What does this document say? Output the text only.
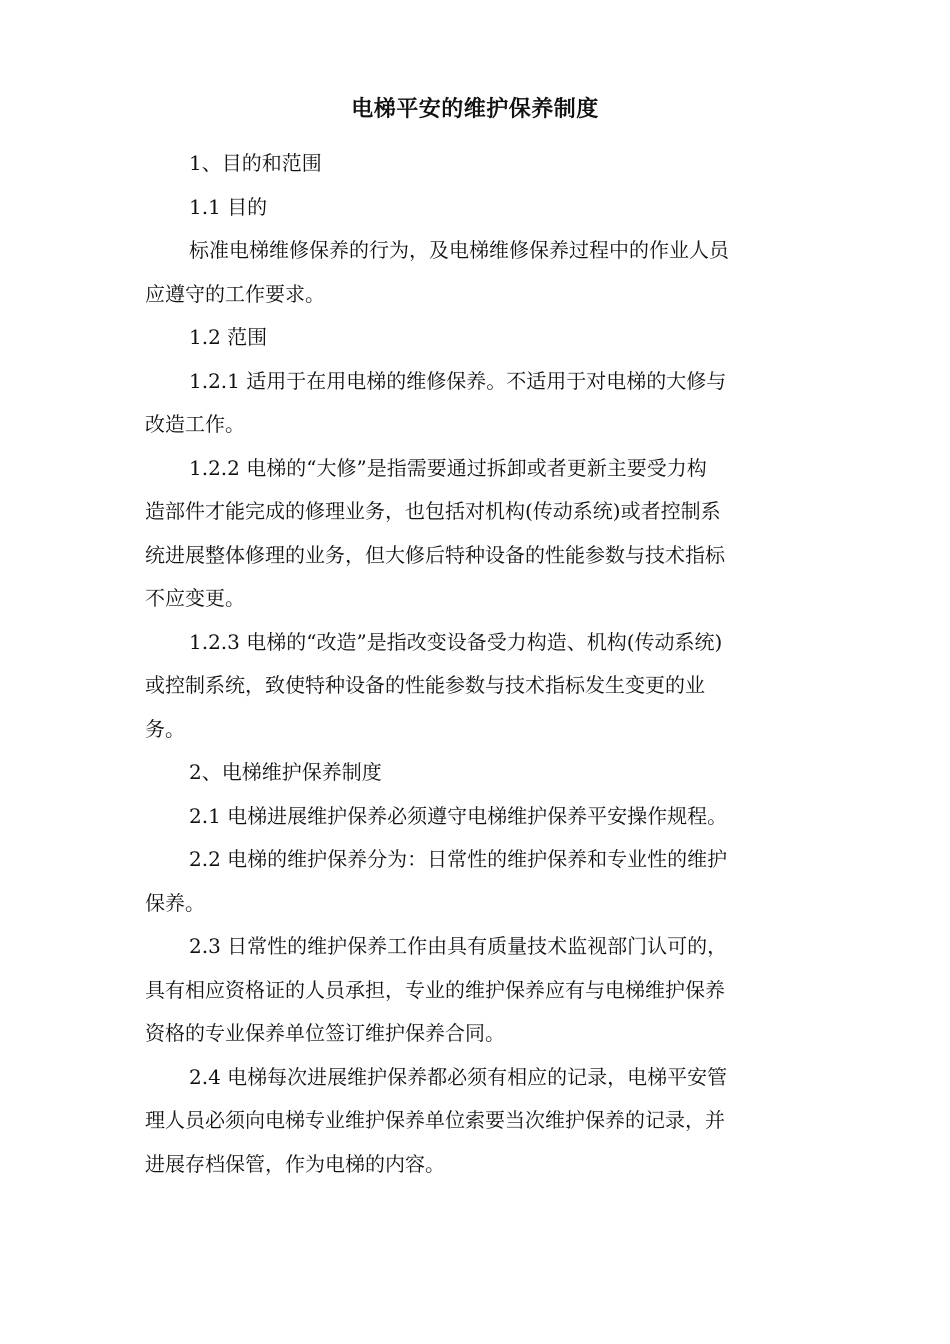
电梯平安的维护保养制度
1、目的和范围
1.1 目的
标准电梯维修保养的行为，及电梯维修保养过程中的作业人员
应遵守的工作要求。
1.2 范围
1.2.1 适用于在用电梯的维修保养。不适用于对电梯的大修与
改造工作。
1.2.2 电梯的“大修”是指需要通过拆卸或者更新主要受力构
造部件才能完成的修理业务，也包括对机构(传动系统)或者控制系
统进展整体修理的业务，但大修后特种设备的性能参数与技术指标
不应变更。
1.2.3 电梯的“改造”是指改变设备受力构造、机构(传动系统)
或控制系统，致使特种设备的性能参数与技术指标发生变更的业
务。
2、电梯维护保养制度
2.1 电梯进展维护保养必须遵守电梯维护保养平安操作规程。
2.2 电梯的维护保养分为：日常性的维护保养和专业性的维护
保养。
2.3 日常性的维护保养工作由具有质量技术监视部门认可的，
具有相应资格证的人员承担，专业的维护保养应有与电梯维护保养
资格的专业保养单位签订维护保养合同。
2.4 电梯每次进展维护保养都必须有相应的记录，电梯平安管
理人员必须向电梯专业维护保养单位索要当次维护保养的记录，并
进展存档保管，作为电梯的内容。
